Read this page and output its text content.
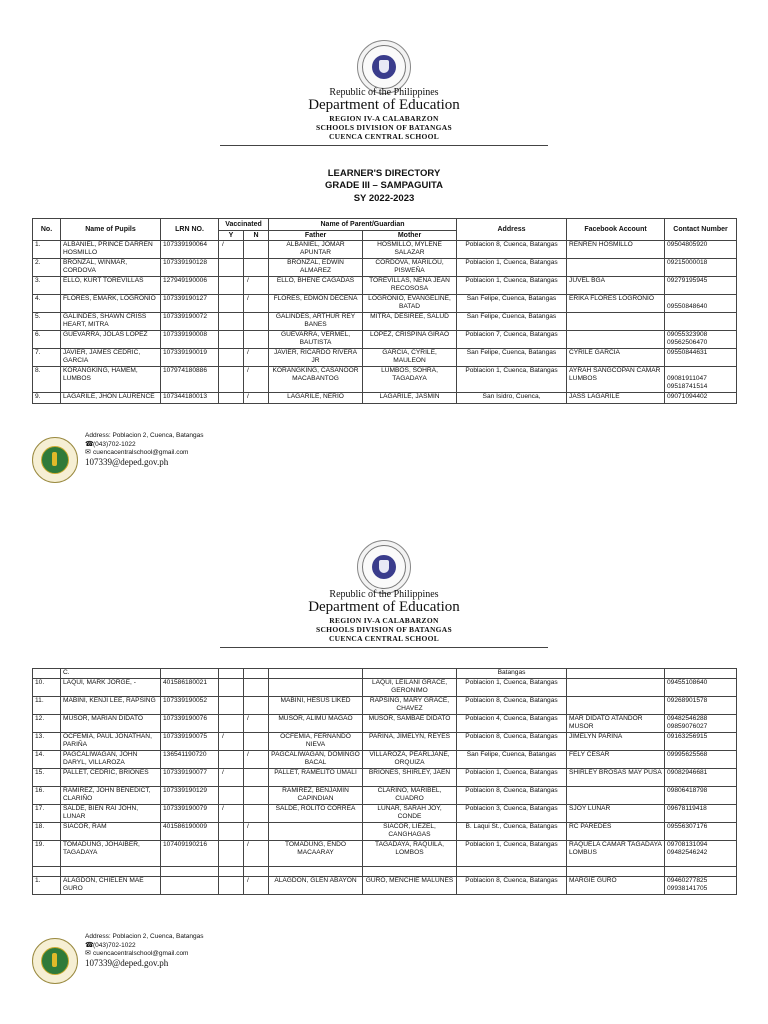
Republic of the Philippines
Department of Education
REGION IV-A CALABARZON
SCHOOLS DIVISION OF BATANGAS
CUENCA CENTRAL SCHOOL
LEARNER'S DIRECTORY
GRADE III – SAMPAGUITA
SY 2022-2023
No.	Name of Pupils	LRN NO.	Vaccinated		Name of Parent/Guardian		Address	Facebook Account	Contact Number
			Y	N	Father	Mother			
1.	ALBANIEL, PRINCE DARREN HOSMILLO	107339190064	/		ALBANIEL, JOMAR APUNTAR	HOSMILLO, MYLENE SALAZAR	Poblacion 8, Cuenca, Batangas	RENREN HOSMILLO	09504805920

2.	BRONZAL, WINMAR, CORDOVA	107339190128			BRONZAL, EDWIN ALMAREZ	CORDOVA, MARILOU, PISWEÑA	Poblacion 1, Cuenca, Batangas		09215000018

3.	ELLO, KURT TOREVILLAS	127949190006		/	ELLO, BHENE CAGADAS	TOREVILLAS, NENA JEAN RECOSOSA	Poblacion 1, Cuenca, Batangas	JUVEL BGA	09279195945

4.	FLORES, EMARK, LOGRONIO	107339190127		/	FLORES, EDMON DECENA	LOGRONIO, EVANGELINE, BATAD	San Felipe, Cuenca, Batangas	ERIKA FLORES LOGRONIO	09550848640

5.	GALINDES, SHAWN CRISS HEART, MITRA	107339190072			GALINDES, ARTHUR REY BANES	MITRA, DESIREE, SALUD	San Felipe, Cuenca, Batangas		

6.	GUEVARRA, JOLAS LOPEZ	107339190008			GUEVARRA, VERMEL, BAUTISTA	LOPEZ, CRISPINA GIRAO	Poblacion 7, Cuenca, Batangas		09055323908
09562506470

7.	JAVIER, JAMES CEDRIC, GARCIA	107339190019		/	JAVIER, RICARDO RIVERA JR	GARCIA, CYRILE, MAULEON	San Felipe, Cuenca, Batangas	CYRILE GARCIA	09550844631

8.	KORANGKING, HAMEM, LUMBOS	107974180886		/	KORANGKING, CASANOOR MACABANTOG	LUMBOS, SOHRA, TAGADAYA	Poblacion 1, Cuenca, Batangas	AYRAH SANGCOPAN CAMAR LUMBOS	09081911047
09518741514

9.	LAGARILE, JHON LAURENCE	107344180013		/	LAGARILE, NERIO	LAGARILE, JASMIN	San Isidro, Cuenca,	JASS LAGARILE	09071094402
Address: Poblacion 2, Cuenca, Batangas
☎(043)702-1022
✉ cuencacentralschool@gmail.com
107339@deped.gov.ph
Republic of the Philippines
Department of Education
REGION IV-A CALABARZON
SCHOOLS DIVISION OF BATANGAS
CUENCA CENTRAL SCHOOL
	C.						Batangas		

10.	LAQUI, MARK JORGE, -	401586180021				LAQUI, LEILANI GRACE, GERONIMO	Poblacion 1, Cuenca, Batangas		09455108640

11.	MABINI, KENJI LEE, RAPSING	107339190052			MABINI, HESUS LIKED	RAPSING, MARY GRACE, CHAVEZ	Poblacion 8, Cuenca, Batangas		09268901578

12.	MUSOR, MARIAN DIDATO	107339190076		/	MUSOR, ALIMU MAGAO	MUSOR, SAMBAE DIDATO	Poblacion 4, Cuenca, Batangas	MAR DIDATO ATANDOR MUSOR	09482546288
09859076027

13.	OCFEMIA, PAUL JONATHAN, PARIÑA	107339190075	/		OCFEMIA, FERNANDO NIEVA	PARIÑA, JIMELYN, REYES	Poblacion 8, Cuenca, Batangas	JIMELYN PARINA	09163256915

14.	PAGCALIWAGAN, JOHN DARYL, VILLAROZA	136541190720		/	PAGCALIWAGAN, DOMINGO BACAL	VILLAROZA, PEARLJANE, ORQUIZA	San Felipe, Cuenca, Batangas	FELY CESAR	09995625568

15.	PALLET, CEDRIC, BRIONES	107339190077	/		PALLET, RAMELITO UMALI	BRIONES, SHIRLEY, JAEN	Poblacion 1, Cuenca, Batangas	SHIRLEY BROSAS MAY PUSA	09082946681

16.	RAMIREZ, JOHN BENEDICT, CLARIÑO	107339190129			RAMIREZ, BENJAMIN CAPINDIAN	CLARIÑO, MARIBEL, CUADRO	Poblacion 8, Cuenca, Batangas		09806418798

17.	SALDE, BIEN RAI JOHN, LUNAR	107339190079	/		SALDE, ROLITO CORREA	LUNAR, SARAH JOY, CONDE	Poblacion 3, Cuenca, Batangas	SJOY LUNAR	09678119418

18.	SIACOR, RAM	401586190009		/		SIACOR, LIEZEL, CANGHAGAS	B. Laqui St., Cuenca, Batangas	RC PAREDES	09556307176

19.	TOMADUNG, JOHAIBER, TAGADAYA	107409190216		/	TOMADUNG, ENDO MACAARAY	TAGADAYA, RAQUILA, LOMBOS	Poblacion 1, Cuenca, Batangas	RAQUELA CAMAR TAGADAYA LOMBUS	09708131094
09482546242

1.	ALAGDON, CHIELEN MAE GURO			/	ALAGDON, GLEN ABAYON	GURO, MENCHIE MALUNES	Poblacion 8, Cuenca, Batangas	MARGIE GURO	09460277825
09938141705
Address: Poblacion 2, Cuenca, Batangas
☎(043)702-1022
✉ cuencacentralschool@gmail.com
107339@deped.gov.ph
